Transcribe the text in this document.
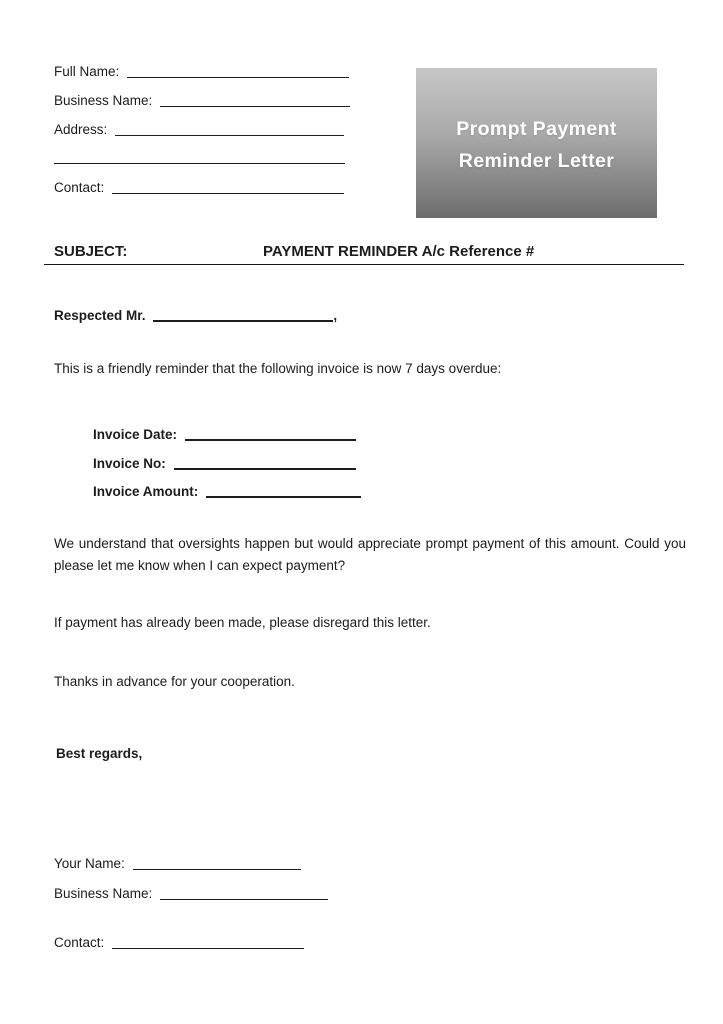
Full Name:
Business Name:
Address:
Contact:
Prompt Payment
Reminder Letter
SUBJECT:	PAYMENT REMINDER A/c Reference #
Respected Mr.	,
This is a friendly reminder that the following invoice is now 7 days overdue:
Invoice Date:
Invoice No:
Invoice Amount:
We understand that oversights happen but would appreciate prompt payment of this amount. Could you please let me know when I can expect payment?
If payment has already been made, please disregard this letter.
Thanks in advance for your cooperation.
Best regards,
Your Name:
Business Name:
Contact:
